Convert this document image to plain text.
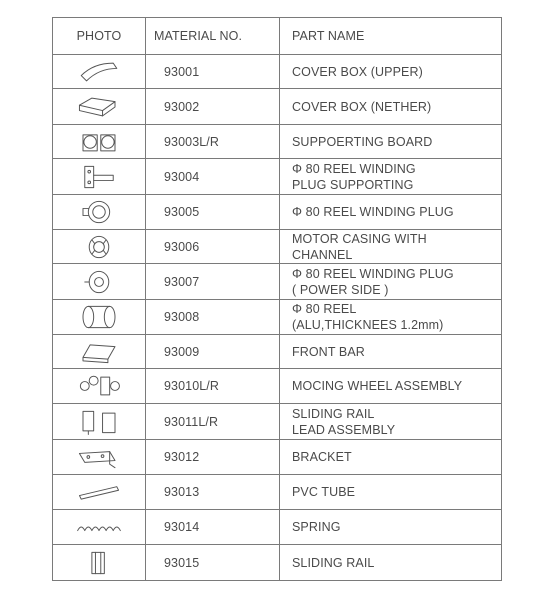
PHOTO	MATERIAL NO.	PART NAME

	93001	COVER BOX (UPPER)

	93002	COVER BOX (NETHER)

	93003L/R	SUPPOERTING BOARD

	93004	Φ 80 REEL WINDING
PLUG SUPPORTING

	93005	Φ 80 REEL WINDING PLUG

	93006	MOTOR CASING WITH
CHANNEL

	93007	Φ 80 REEL WINDING PLUG
( POWER SIDE )

	93008	Φ 80 REEL
(ALU,THICKNEES 1.2mm)

	93009	FRONT BAR

	93010L/R	MOCING WHEEL ASSEMBLY

	93011L/R	SLIDING RAIL
LEAD ASSEMBLY

	93012	BRACKET

	93013	PVC TUBE

	93014	SPRING

	93015	SLIDING RAIL
